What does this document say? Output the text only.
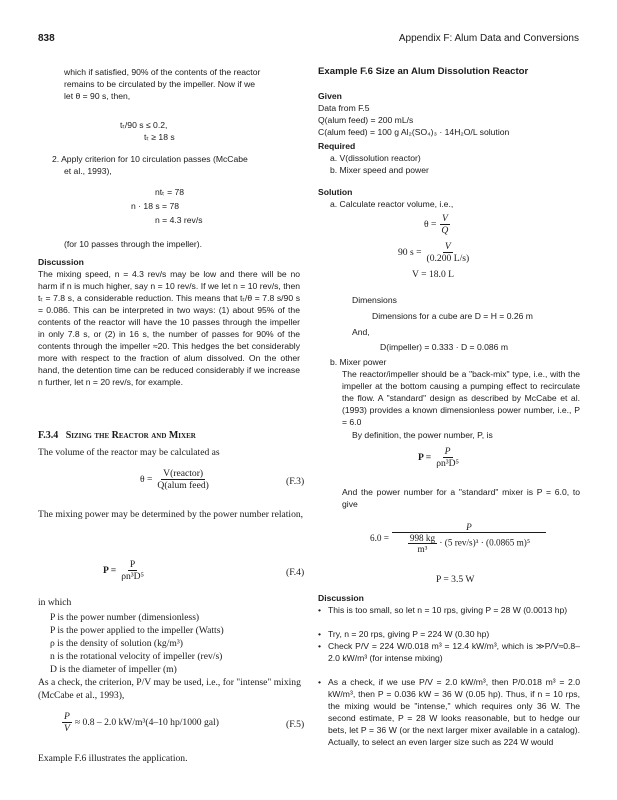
838	Appendix F: Alum Data and Conversions
which if satisfied, 90% of the contents of the reactor
remains to be circulated by the impeller. Now if we
let θ = 90 s, then,
tₜ/90 s ≤ 0.2,
tₜ ≥ 18 s
2. Apply criterion for 10 circulation passes (McCabe
et al., 1993),
ntₜ = 78
n · 18 s = 78
n = 4.3 rev/s
(for 10 passes through the impeller).
Discussion

The mixing speed, n = 4.3 rev/s may be low and there will be no harm if n is much higher, say n = 10 rev/s. If we let n = 10 rev/s, then tₜ = 7.8 s, a considerable reduction. This means that tₜ/θ = 7.8 s/90 s = 0.086. This can be interpreted in two ways: (1) about 95% of the contents of the reactor will have the 10 passes through the impeller in only 7.8 s, or (2) in 16 s, the number of passes for 90% of the contents through the impeller ≈20. This hedges the bet considerably more with respect to the fraction of alum dissolved. On the other hand, the detention time can be reduced considerably if we increase n further, let n = 20 rev/s, for example.

F.3.4 Sizing the Reactor and Mixer

The volume of the reactor may be calculated as

$\theta = \frac{\text{V(reactor)}}{\text{Q(alum feed)}}$	(F.3)

The mixing power may be determined by the power number relation,

$P = \frac{P}{\text{ρn³D⁵}}$	(F.4)
in which
P is the power number (dimensionless)
P is the power applied to the impeller (Watts)
ρ is the density of solution (kg/m³)
n is the rotational velocity of impeller (rev/s)
D is the diameter of impeller (m)

As a check, the criterion, P/V may be used, i.e., for "intense" mixing (McCabe et al., 1993),

$\frac{P}{V} \approx 0.8 - 2.0$ kW/m³(4–10 hp/1000 gal)	(F.5)
Example F.6 illustrates the application.
Example F.6 Size an Alum Dissolution Reactor
Given
Data from F.5
Q(alum feed) = 200 mL/s
C(alum feed) = 100 g Al₂(SO₄)₃ · 14H₂O/L solution
Required
a. V(dissolution reactor)
b. Mixer speed and power
Solution
a. Calculate reactor volume, i.e.,
$\theta = \frac{V}{Q}$
90 $s = \frac{V}{(0.200 L/s)}$
V = 18.0 L
Dimensions
Dimensions for a cube are D = H = 0.26 m
And,
D(impeller) = 0.333 · D = 0.086 m
b. Mixer power

The reactor/impeller should be a "back-mix" type, i.e., with the impeller at the bottom causing a pumping effect to recirculate the flow. A "standard" design as described by McCabe et al. (1993) provides a known dimensionless power number, i.e., P = 6.0

By definition, the power number, P, is
$P = \frac{P}{\text{ρn³D⁵}}$

And the power number for a "standard" mixer is P = 6.0, to give

$6.0 = \frac{P}{\frac{998 kg}{\text{m³}} \cdot (5 rev/s)^3 \cdot (0.0865 m)^5}$
P = 3.5 W
Discussion
• This is too small, so let n = 10 rps, giving P = 28 W (0.0013 hp)

• Try, n = 20 rps, giving P = 224 W (0.30 hp)

• Check P/V = 224 W/0.018 m³ = 12.4 kW/m³, which is ≫P/V≈0.8–2.0 kW/m³ (for intense mixing)

• As a check, if we use P/V = 2.0 kW/m³, then P/0.018 m³ = 2.0 kW/m³, then P = 0.036 kW = 36 W (0.05 hp). Thus, if n = 10 rps, the mixing would be "intense," which requires only 36 W. The second estimate, P = 28 W looks reasonable, but to hedge our bets, let P = 36 W (or the next larger mixer available in a catalog). Actually, to select an even larger size such as 224 W would
